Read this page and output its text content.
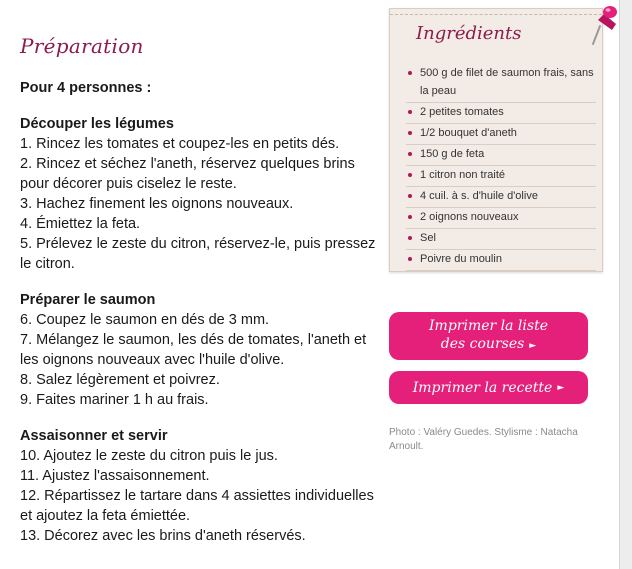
Préparation
Pour 4 personnes :
Découper les légumes
1. Rincez les tomates et coupez-les en petits dés.
2. Rincez et séchez l'aneth, réservez quelques brins pour décorer puis ciselez le reste.
3. Hachez finement les oignons nouveaux.
4. Émiettez la feta.
5. Prélevez le zeste du citron, réservez-le, puis pressez le citron.
Préparer le saumon
6. Coupez le saumon en dés de 3 mm.
7. Mélangez le saumon, les dés de tomates, l'aneth et les oignons nouveaux avec l'huile d'olive.
8. Salez légèrement et poivrez.
9. Faites mariner 1 h au frais.
Assaisonner et servir
10. Ajoutez le zeste du citron puis le jus.
11. Ajustez l'assaisonnement.
12. Répartissez le tartare dans 4 assiettes individuelles et ajoutez la feta émiettée.
13. Décorez avec les brins d'aneth réservés.
Ingrédients
500 g de filet de saumon frais, sans la peau
2 petites tomates
1/2 bouquet d'aneth
150 g de feta
1 citron non traité
4 cuil. à s. d'huile d'olive
2 oignons nouveaux
Sel
Poivre du moulin
Imprimer la liste
des courses ►
Imprimer la recette ►
Photo : Valéry Guedes. Stylisme : Natacha Arnoult.
